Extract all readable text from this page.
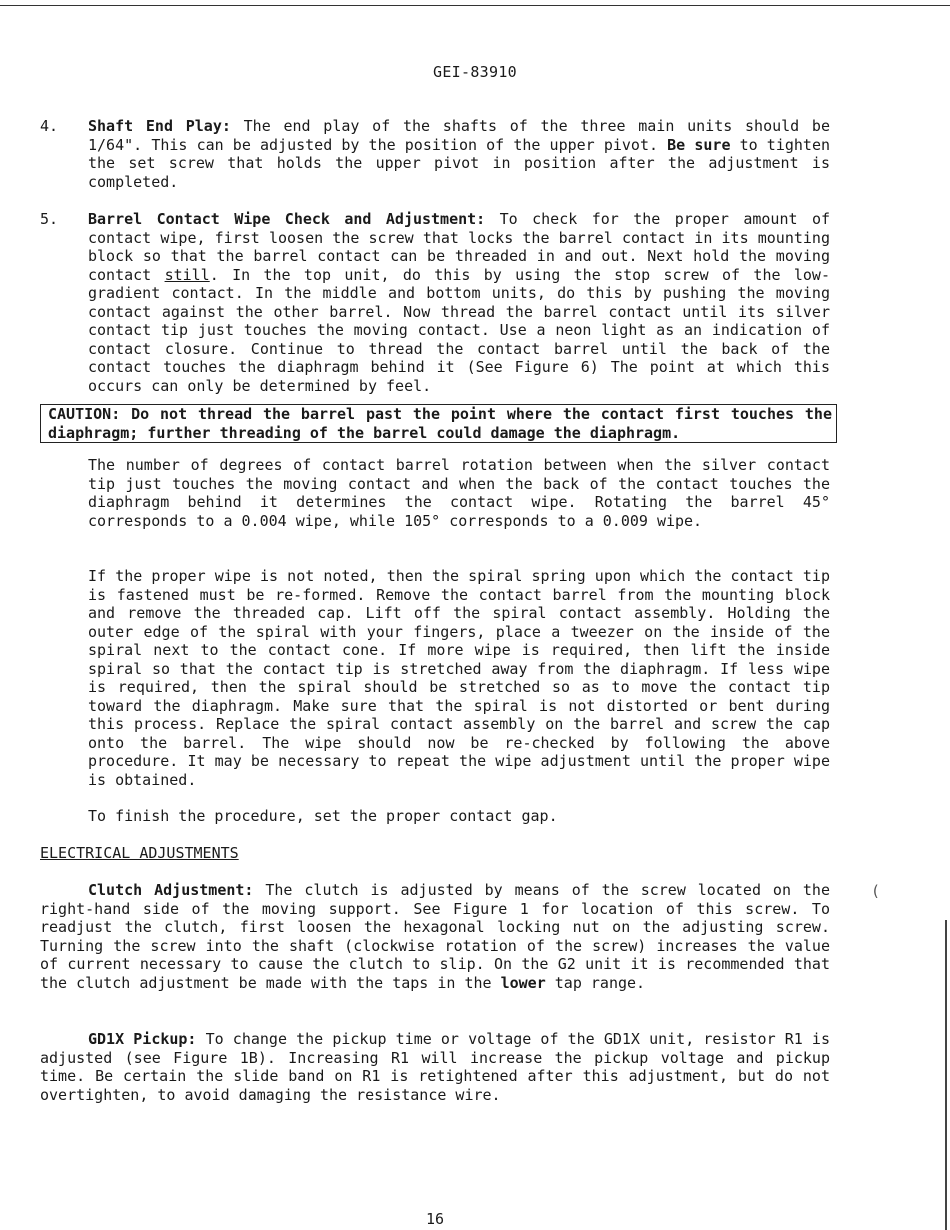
GEI-83910
4. Shaft End Play: The end play of the shafts of the three main units should be 1/64". This can be adjusted by the position of the upper pivot. Be sure to tighten the set screw that holds the upper pivot in position after the adjustment is completed.
5. Barrel Contact Wipe Check and Adjustment: To check for the proper amount of contact wipe, first loosen the screw that locks the barrel contact in its mounting block so that the barrel contact can be threaded in and out. Next hold the moving contact still. In the top unit, do this by using the stop screw of the low-gradient contact. In the middle and bottom units, do this by pushing the moving contact against the other barrel. Now thread the barrel contact until its silver contact tip just touches the moving contact. Use a neon light as an indication of contact closure. Continue to thread the contact barrel until the back of the contact touches the diaphragm behind it (See Figure 6) The point at which this occurs can only be determined by feel.
CAUTION: Do not thread the barrel past the point where the contact first touches the diaphragm; further threading of the barrel could damage the diaphragm.
The number of degrees of contact barrel rotation between when the silver contact tip just touches the moving contact and when the back of the contact touches the diaphragm behind it determines the contact wipe. Rotating the barrel 45° corresponds to a 0.004 wipe, while 105° corresponds to a 0.009 wipe.
If the proper wipe is not noted, then the spiral spring upon which the contact tip is fastened must be re-formed. Remove the contact barrel from the mounting block and remove the threaded cap. Lift off the spiral contact assembly. Holding the outer edge of the spiral with your fingers, place a tweezer on the inside of the spiral next to the contact cone. If more wipe is required, then lift the inside spiral so that the contact tip is stretched away from the diaphragm. If less wipe is required, then the spiral should be stretched so as to move the contact tip toward the diaphragm. Make sure that the spiral is not distorted or bent during this process. Replace the spiral contact assembly on the barrel and screw the cap onto the barrel. The wipe should now be re-checked by following the above procedure. It may be necessary to repeat the wipe adjustment until the proper wipe is obtained.
To finish the procedure, set the proper contact gap.
ELECTRICAL ADJUSTMENTS
Clutch Adjustment: The clutch is adjusted by means of the screw located on the right-hand side of the moving support. See Figure 1 for location of this screw. To readjust the clutch, first loosen the hexagonal locking nut on the adjusting screw. Turning the screw into the shaft (clockwise rotation of the screw) increases the value of current necessary to cause the clutch to slip. On the G2 unit it is recommended that the clutch adjustment be made with the taps in the lower tap range.
(
GD1X Pickup: To change the pickup time or voltage of the GD1X unit, resistor R1 is adjusted (see Figure 1B). Increasing R1 will increase the pickup voltage and pickup time. Be certain the slide band on R1 is retightened after this adjustment, but do not overtighten, to avoid damaging the resistance wire.
16
